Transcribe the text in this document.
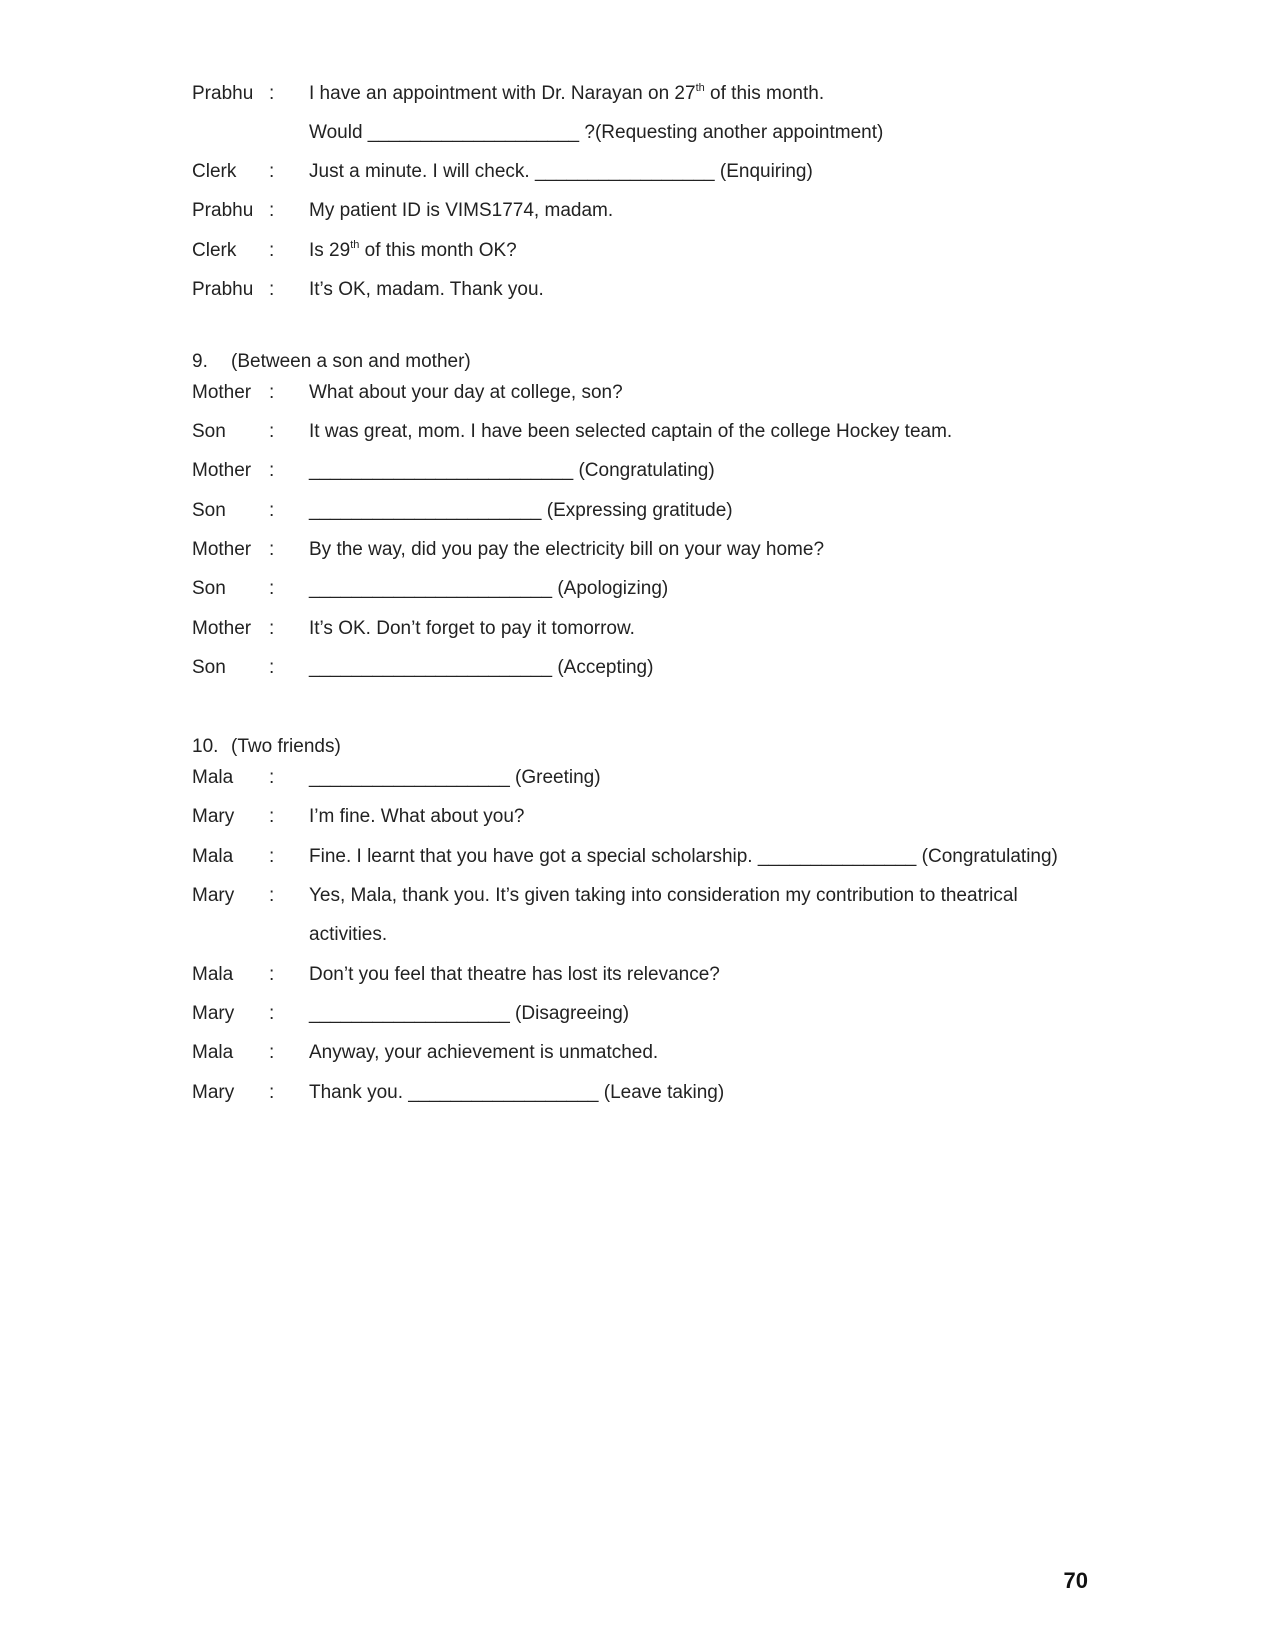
Prabhu :	I have an appointment with Dr. Narayan on 27th of this month.
Would ____________________ ?(Requesting another appointment)
Clerk	:	Just a minute. I will check. _________________ (Enquiring)
Prabhu :	My patient ID is VIMS1774, madam.
Clerk	:	Is 29th of this month OK?
Prabhu :	It’s OK, madam. Thank you.
9. (Between a son and mother)
Mother :	What about your day at college, son?
Son	:	It was great, mom. I have been selected captain of the college Hockey team.
Mother :	_________________________ (Congratulating)
Son	:	______________________ (Expressing gratitude)
Mother :	By the way, did you pay the electricity bill on your way home?
Son	:	_______________________ (Apologizing)
Mother :	It’s OK. Don’t forget to pay it tomorrow.
Son	:	_______________________ (Accepting)
10. (Two friends)
Mala	:	___________________ (Greeting)
Mary	:	I’m fine. What about you?
Mala	:	Fine. I learnt that you have got a special scholarship. _______________ (Congratulating)
Mary	:	Yes, Mala, thank you. It’s given taking into consideration my contribution to theatrical
activities.
Mala	:	Don’t you feel that theatre has lost its relevance?
Mary	:	___________________ (Disagreeing)
Mala	:	Anyway, your achievement is unmatched.
Mary	:	Thank you. __________________ (Leave taking)
70
